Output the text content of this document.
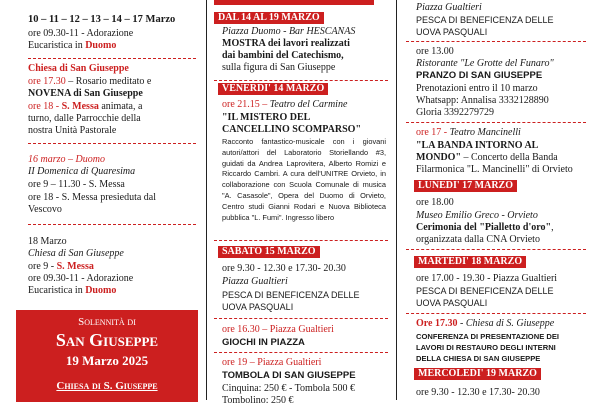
10 – 11 – 12 – 13 – 14 – 17 Marzo
ore 09.30-11 - Adorazione
Eucaristica in Duomo
Chiesa di San Giuseppe
ore 17.30 – Rosario meditato e
NOVENA di San Giuseppe
ore 18 - S. Messa animata, a
turno, dalle Parrocchie della
nostra Unità Pastorale
16 marzo – Duomo
II Domenica di Quaresima
ore 9 – 11.30 - S. Messa
ore 18 - S. Messa presieduta dal
Vescovo
18 Marzo
Chiesa di San Giuseppe
ore 9 - S. Messa
ore 09.30-11 - Adorazione
Eucaristica in Duomo
Solennità di
San Giuseppe
19 Marzo 2025
Chiesa di S. Giuseppe
DAL 14 AL 19 MARZO
Piazza Duomo - Bar HESCANAS
MOSTRA dei lavori realizzati
dai bambini del Catechismo,
sulla figura di San Giuseppe
VENERDI' 14 MARZO
ore 21.15 – Teatro del Carmine
"IL MISTERO DEL
CANCELLINO SCOMPARSO"
Racconto fantastico-musicale con i giovani autori/attori del Laboratorio Storiellando #3, guidati da Andrea Laprovitera, Alberto Romizi e Riccardo Cambri. A cura dell'UNITRE Orvieto, in collaborazione con Scuola Comunale di musica "A. Casasole", Opera del Duomo di Orvieto, Centro studi Gianni Rodari e Nuova Biblioteca pubblica "L. Fumi". Ingresso libero
SABATO 15 MARZO
ore 9.30 - 12.30 e 17.30- 20.30
Piazza Gualtieri
PESCA DI BENEFICENZA DELLE
UOVA PASQUALI
ore 16.30 – Piazza Gualtieri
GIOCHI IN PIAZZA
ore 19 – Piazza Gualtieri
TOMBOLA DI SAN GIUSEPPE
Cinquina: 250 € - Tombola 500 €
Tombolino: 250 €
Piazza Gualtieri
PESCA DI BENEFICENZA DELLE
UOVA PASQUALI
ore 13.00
Ristorante "Le Grotte del Funaro"
PRANZO DI SAN GIUSEPPE
Prenotazioni entro il 10 marzo
Whatsapp: Annalisa 3332128890
Gloria 3392279729
ore 17 - Teatro Mancinelli
"LA BANDA INTORNO AL
MONDO" – Concerto della Banda
Filarmonica "L. Mancinelli" di Orvieto
LUNEDI' 17 MARZO
ore 18.00
Museo Emilio Greco - Orvieto
Cerimonia del "Pialletto d'oro",
organizzata dalla CNA Orvieto
MARTEDI' 18 MARZO
ore 17.00 - 19.30 - Piazza Gualtieri
PESCA DI BENEFICENZA DELLE
UOVA PASQUALI
Ore 17.30 - Chiesa di S. Giuseppe
CONFERENZA DI PRESENTAZIONE DEI
LAVORI DI RESTAURO DEGLI INTERNI
DELLA CHIESA DI SAN GIUSEPPE
MERCOLEDI' 19 MARZO
ore 9.30 - 12.30 e 17.30- 20.30
